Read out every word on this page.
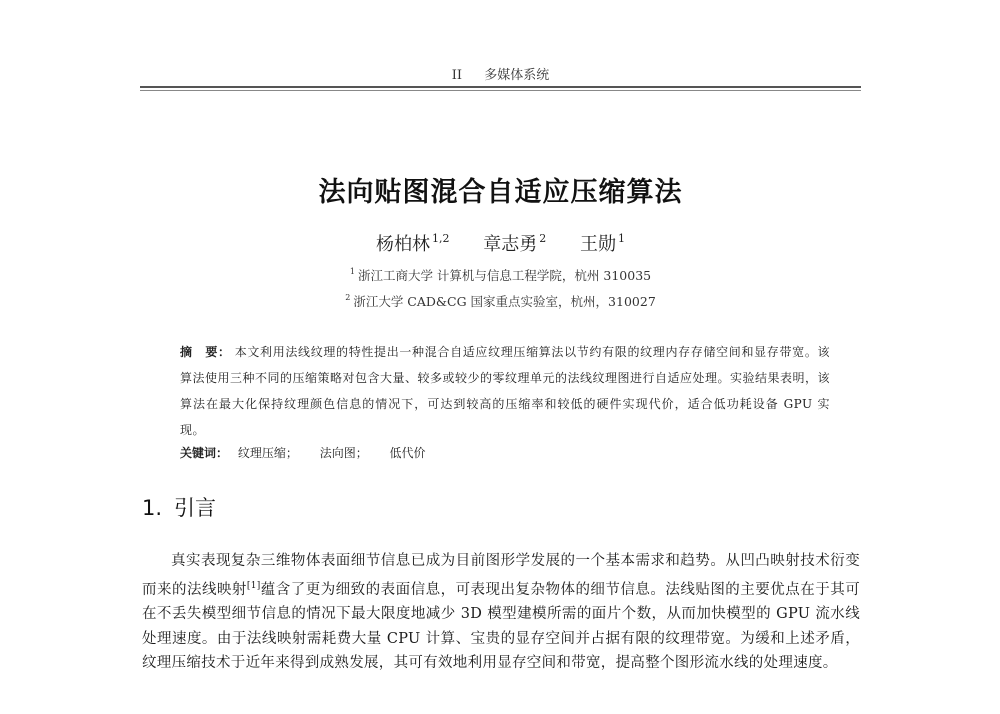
II 多媒体系统
法向贴图混合自适应压缩算法
杨柏林 $^{1,2}$ 章志勇 $^2$ 王勋 $^1$
$^1$ 浙江工商大学 计算机与信息工程学院，杭州 310035
$^2$ 浙江大学 CAD&CG 国家重点实验室，杭州，310027
摘　要： 本文利用法线纹理的特性提出一种混合自适应纹理压缩算法以节约有限的纹理内存存储空间和显存带宽。该算法使用三种不同的压缩策略对包含大量、较多或较少的零纹理单元的法线纹理图进行自适应处理。实验结果表明，该算法在最大化保持纹理颜色信息的情况下，可达到较高的压缩率和较低的硬件实现代价，适合低功耗设备 GPU 实现。
关键词： 纹理压缩； 法向图； 低代价
1. 引言
真实表现复杂三维物体表面细节信息已成为目前图形学发展的一个基本需求和趋势。从凹凸映射技术衍变而来的法线映射[1]蕴含了更为细致的表面信息，可表现出复杂物体的细节信息。法线贴图的主要优点在于其可在不丢失模型细节信息的情况下最大限度地减少 3D 模型建模所需的面片个数，从而加快模型的 GPU 流水线处理速度。由于法线映射需耗费大量 CPU 计算、宝贵的显存空间并占据有限的纹理带宽。为缓和上述矛盾，纹理压缩技术于近年来得到成熟发展，其可有效地利用显存空间和带宽，提高整个图形流水线的处理速度。
